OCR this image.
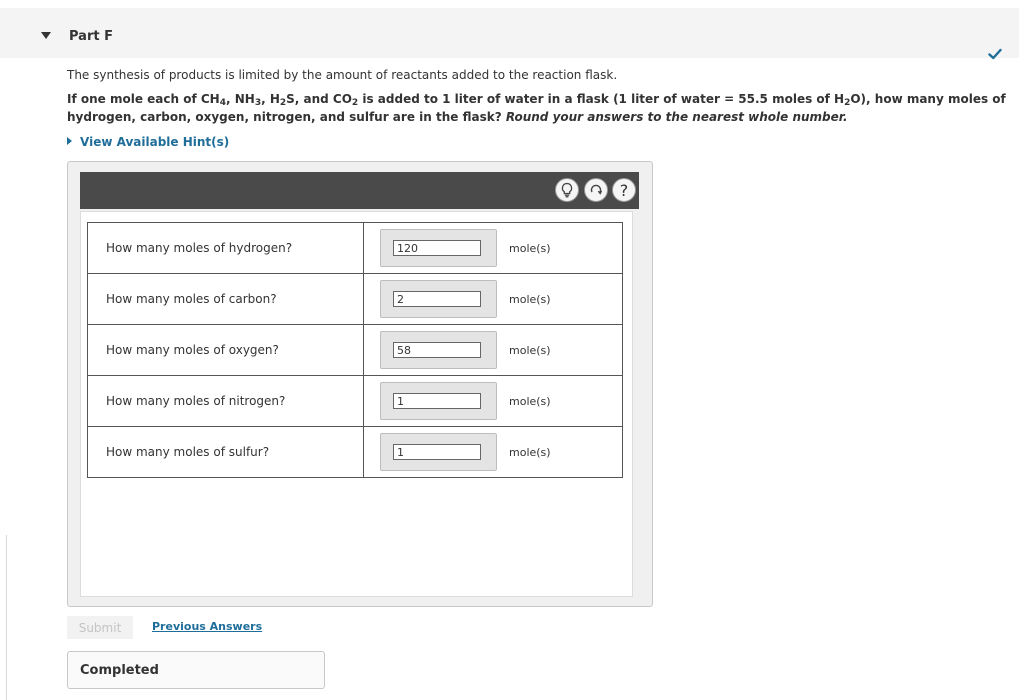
Part F
The synthesis of products is limited by the amount of reactants added to the reaction flask.
If one mole each of $CH_4$, $NH_3$, $H_2S$, and $CO_2$ is added to 1 liter of water in a flask (1 liter of water = 55.5 moles of $H_2O$), how many moles of hydrogen, carbon, oxygen, nitrogen, and sulfur are in the flask? Round your answers to the nearest whole number.
View Available Hint(s)
?
How many moles of hydrogen?	
120mole(s)

How many moles of carbon?	
2mole(s)

How many moles of oxygen?	
58mole(s)

How many moles of nitrogen?	
1mole(s)

How many moles of sulfur?	
1mole(s)
Submit	Previous Answers
Completed
